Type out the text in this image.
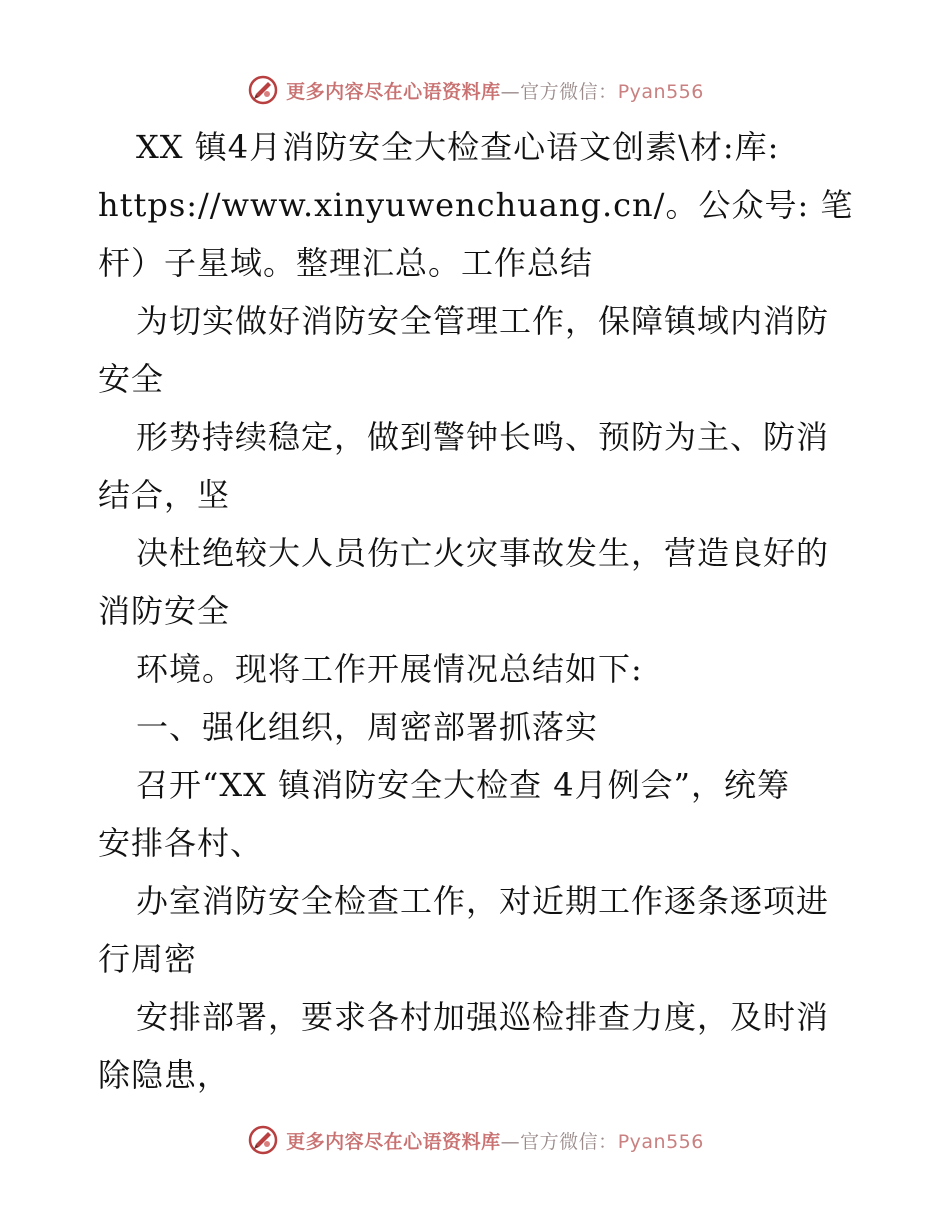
更多内容尽在心语资料库—官方微信：Pyan556
XX 镇4月消防安全大检查心语文创素\材:库:
https://www.xinyuwenchuang.cn/。公众号: 笔
杆）子星域。整理汇总。工作总结
为切实做好消防安全管理工作，保障镇域内消防
安全
形势持续稳定，做到警钟长鸣、预防为主、防消
结合，坚
决杜绝较大人员伤亡火灾事故发生，营造良好的
消防安全
环境。现将工作开展情况总结如下:
一、强化组织，周密部署抓落实
召开“XX 镇消防安全大检查 4月例会”，统筹
安排各村、
办室消防安全检查工作，对近期工作逐条逐项进
行周密
安排部署，要求各村加强巡检排查力度，及时消
除隐患，
更多内容尽在心语资料库—官方微信：Pyan556
